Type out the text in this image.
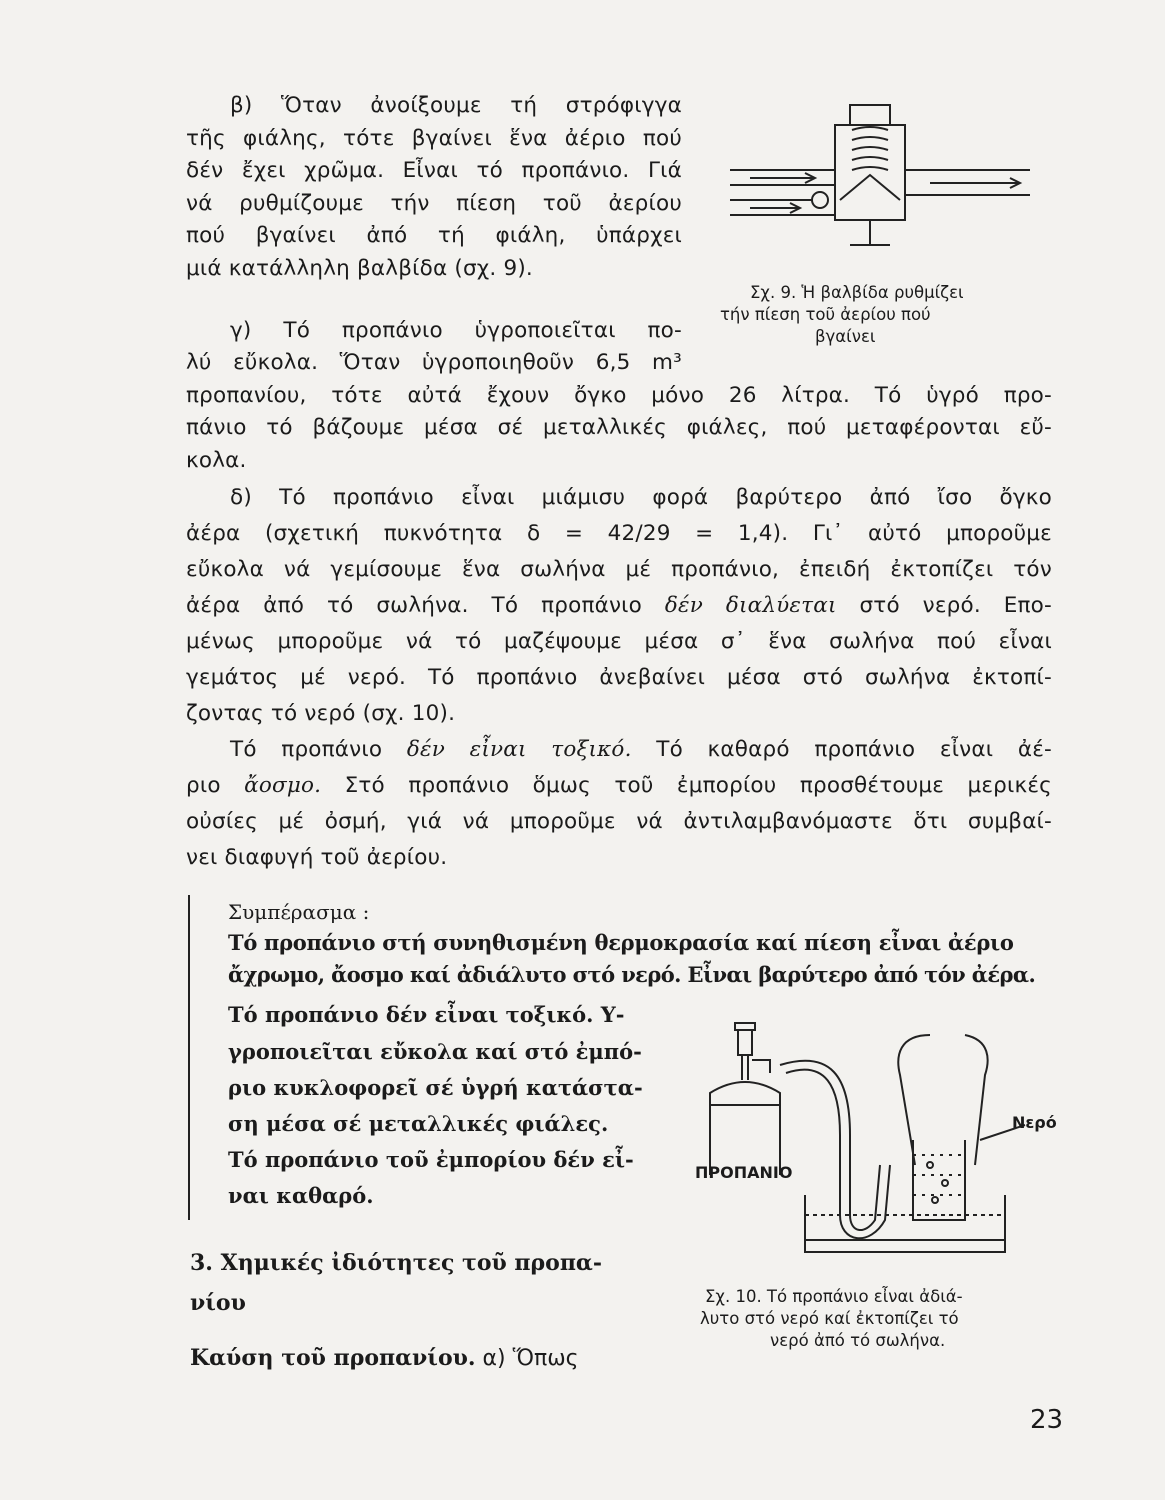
β) Ὅταν ἀνοίξουμε τή στρόφιγγα
τῆς φιάλης, τότε βγαίνει ἕνα ἀέριο πού
δέν ἔχει χρῶμα. Εἶναι τό προπάνιο. Γιά
νά ρυθμίζουμε τήν πίεση τοῦ ἀερίου
πού βγαίνει ἀπό τή φιάλη, ὑπάρχει
μιά κατάλληλη βαλβίδα (σχ. 9).
Σχ. 9. Ἡ βαλβίδα ρυθμίζει
τήν πίεση τοῦ ἀερίου πού
βγαίνει
γ) Τό προπάνιο ὑγροποιεῖται πο-
λύ εὔκολα. Ὅταν ὑγροποιηθοῦν 6,5 m³
προπανίου, τότε αὐτά ἔχουν ὄγκο μόνο 26 λίτρα. Τό ὑγρό προ-
πάνιο τό βάζουμε μέσα σέ μεταλλικές φιάλες, πού μεταφέρονται εὔ-
κολα.
δ) Τό προπάνιο εἶναι μιάμισυ φορά βαρύτερο ἀπό ἴσο ὄγκο
ἀέρα (σχετική πυκνότητα δ = 42/29 = 1,4). Γι᾽ αὐτό μποροῦμε
εὔκολα νά γεμίσουμε ἕνα σωλήνα μέ προπάνιο, ἐπειδή ἐκτοπίζει τόν
ἀέρα ἀπό τό σωλήνα. Τό προπάνιο δέν διαλύεται στό νερό. Επο-
μένως μποροῦμε νά τό μαζέψουμε μέσα σ᾽ ἕνα σωλήνα πού εἶναι
γεμάτος μέ νερό. Τό προπάνιο ἀνεβαίνει μέσα στό σωλήνα ἐκτοπί-
ζοντας τό νερό (σχ. 10).
Τό προπάνιο δέν εἶναι τοξικό. Τό καθαρό προπάνιο εἶναι ἀέ-
ριο ἄοσμο. Στό προπάνιο ὅμως τοῦ ἐμπορίου προσθέτουμε μερικές
οὐσίες μέ ὀσμή, γιά νά μποροῦμε νά ἀντιλαμβανόμαστε ὅτι συμβαί-
νει διαφυγή τοῦ ἀερίου.
Συμπέρασμα :
Τό προπάνιο στή συνηθισμένη θερμοκρασία καί πίεση εἶναι ἀέριο
ἄχρωμο, ἄοσμο καί ἀδιάλυτο στό νερό. Εἶναι βαρύτερο ἀπό τόν ἀέρα.
Τό προπάνιο δέν εἶναι τοξικό. Υ-
γροποιεῖται εὔκολα καί στό ἐμπό-
ριο κυκλοφορεῖ σέ ὑγρή κατάστα-
ση μέσα σέ μεταλλικές φιάλες.
Τό προπάνιο τοῦ ἐμπορίου δέν εἶ-
ναι καθαρό.
Νερό
ΠΡΟΠΑΝΙΟ
Σχ. 10. Τό προπάνιο εἶναι ἀδιά-
λυτο στό νερό καί ἐκτοπίζει τό
νερό ἀπό τό σωλήνα.
3. Χημικές ἰδιότητες τοῦ προπα-
νίου
Καύση τοῦ προπανίου. α) Ὅπως
23
